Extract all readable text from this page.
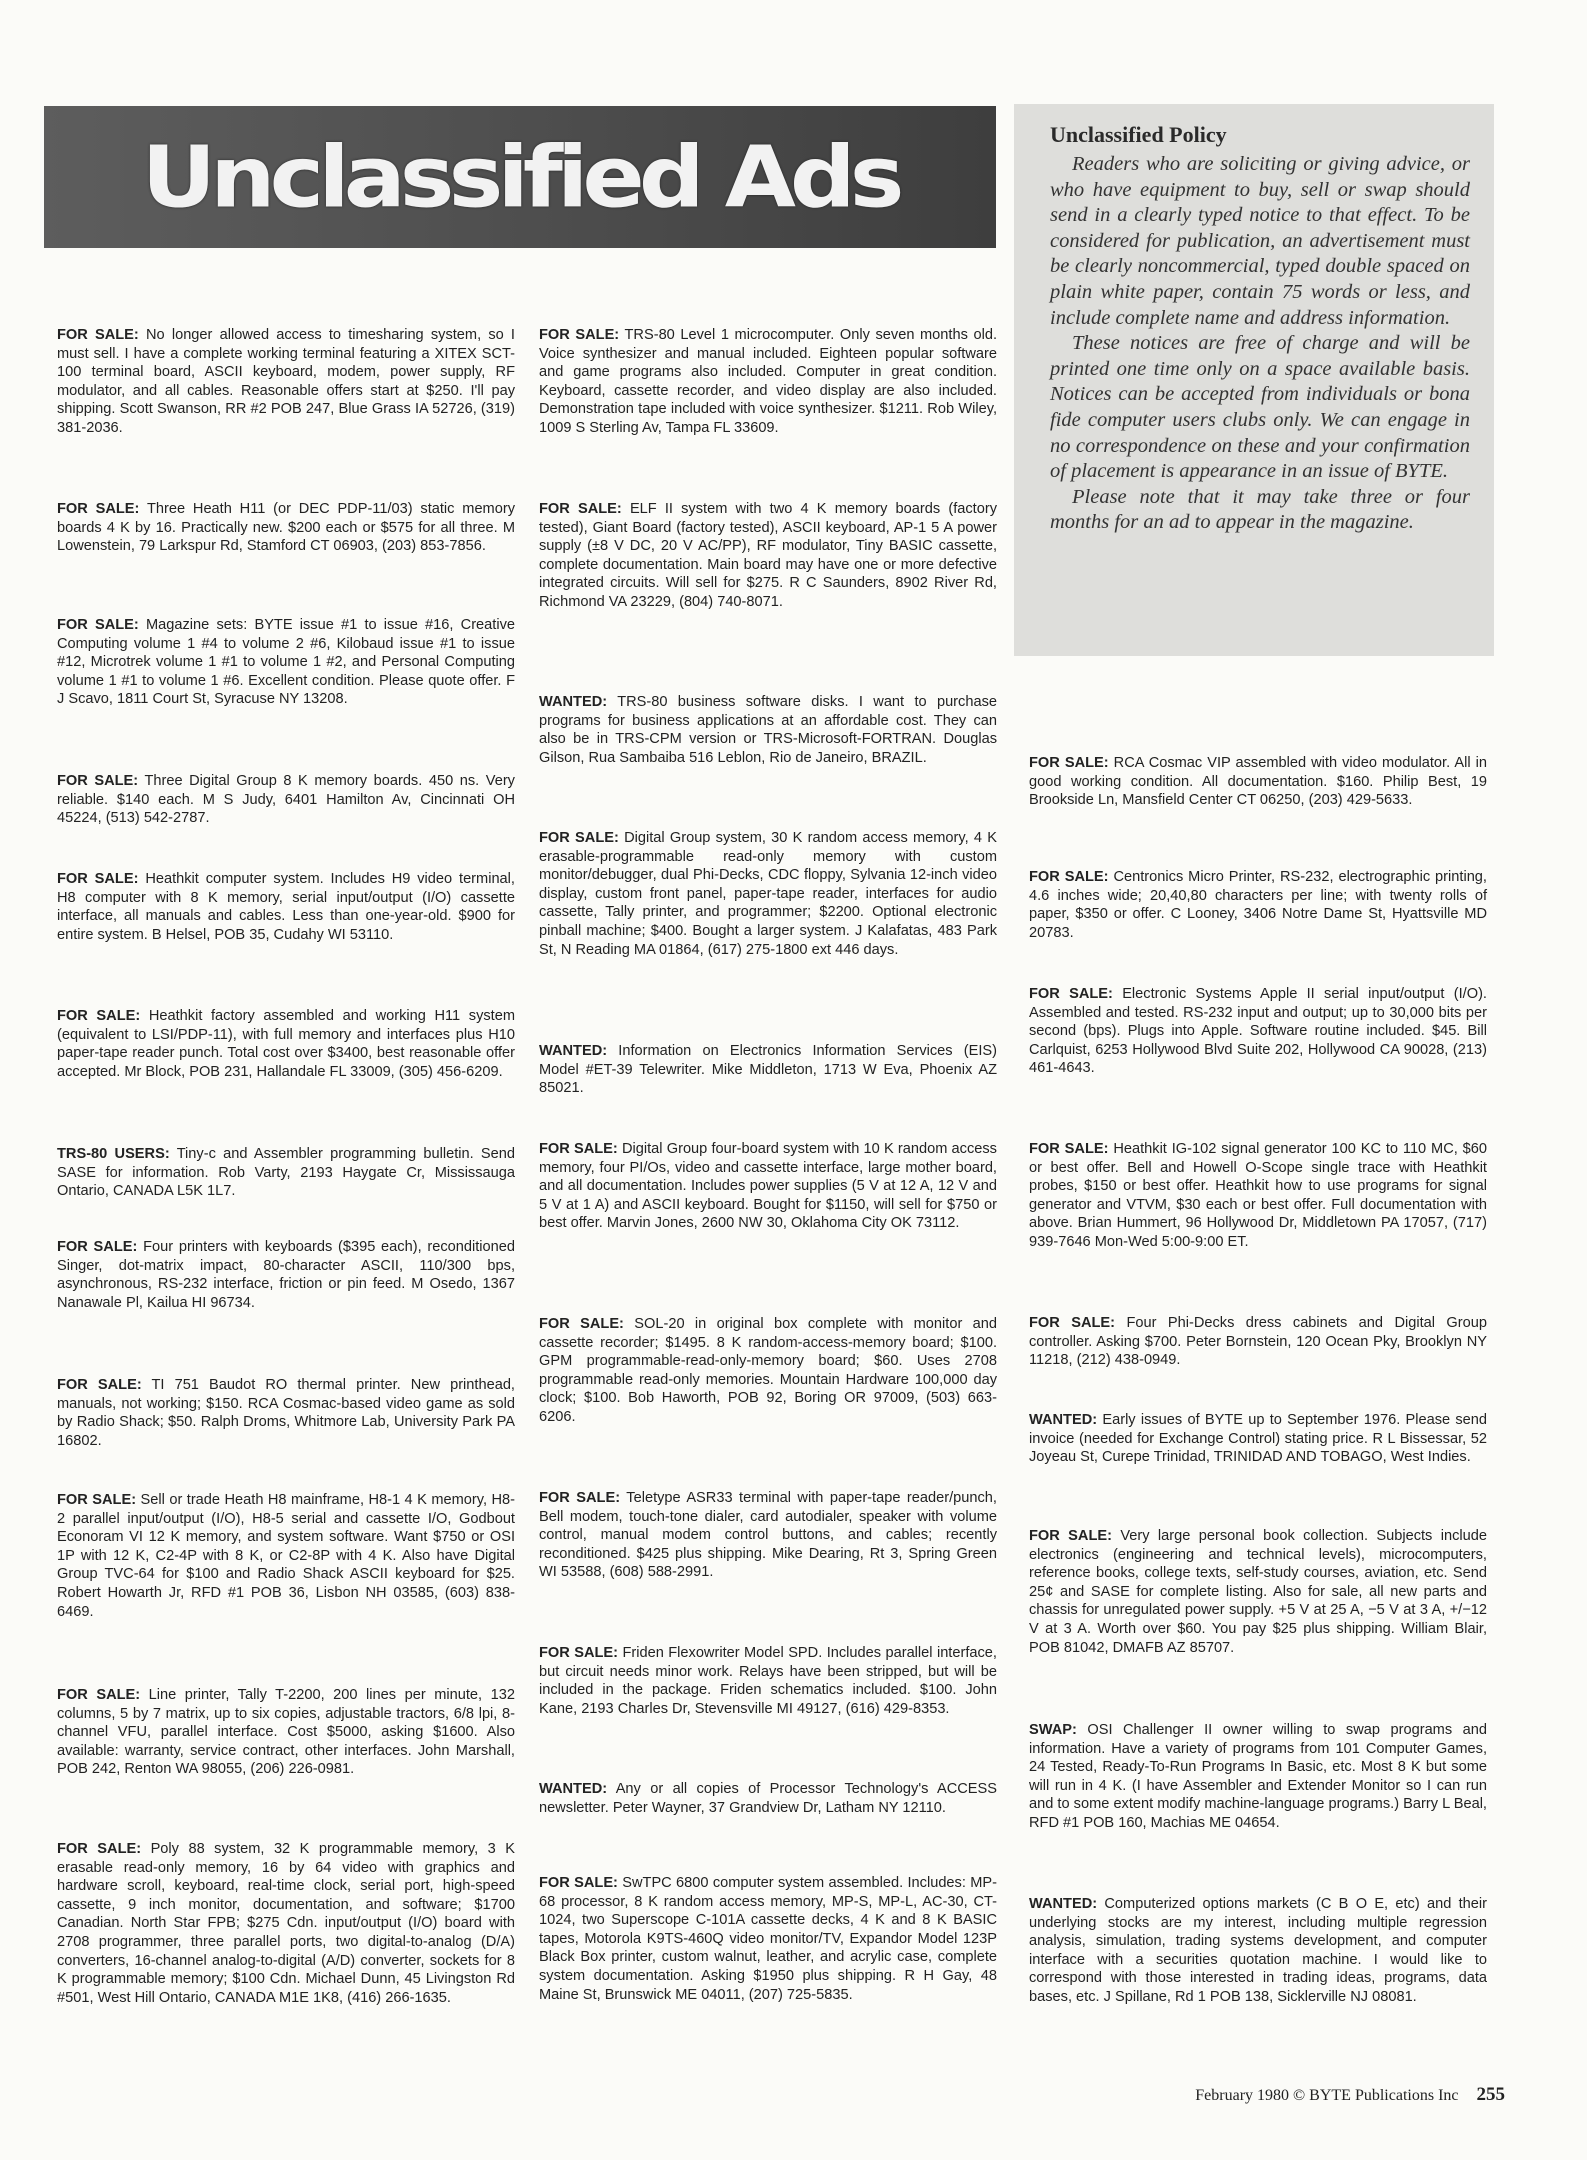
Unclassified Ads	Unclassified Policy

Readers who are soliciting or giving advice, or who have equipment to buy, sell or swap should send in a clearly typed notice to that effect. To be considered for publication, an advertisement must be clearly noncommercial, typed double spaced on plain white paper, contain 75 words or less, and include complete name and address information.

These notices are free of charge and will be printed one time only on a space available basis. Notices can be accepted from individuals or bona fide computer users clubs only. We can engage in no correspondence on these and your confirmation of placement is appearance in an issue of BYTE.

Please note that it may take three or four months for an ad to appear in the magazine.

FOR SALE: No longer allowed access to timesharing system, so I must sell. I have a complete working terminal featuring a XITEX SCT-100 terminal board, ASCII keyboard, modem, power supply, RF modulator, and all cables. Reasonable offers start at $250. I'll pay shipping. Scott Swanson, RR #2 POB 247, Blue Grass IA 52726, (319) 381-2036.
FOR SALE: Three Heath H11 (or DEC PDP-11/03) static memory boards 4 K by 16. Practically new. $200 each or $575 for all three. M Lowenstein, 79 Larkspur Rd, Stamford CT 06903, (203) 853-7856.
FOR SALE: Magazine sets: BYTE issue #1 to issue #16, Creative Computing volume 1 #4 to volume 2 #6, Kilobaud issue #1 to issue #12, Microtrek volume 1 #1 to volume 1 #2, and Personal Computing volume 1 #1 to volume 1 #6. Excellent condition. Please quote offer. F J Scavo, 1811 Court St, Syracuse NY 13208.
FOR SALE: Three Digital Group 8 K memory boards. 450 ns. Very reliable. $140 each. M S Judy, 6401 Hamilton Av, Cincinnati OH 45224, (513) 542-2787.
FOR SALE: Heathkit computer system. Includes H9 video terminal, H8 computer with 8 K memory, serial input/output (I/O) cassette interface, all manuals and cables. Less than one-year-old. $900 for entire system. B Helsel, POB 35, Cudahy WI 53110.
FOR SALE: Heathkit factory assembled and working H11 system (equivalent to LSI/PDP-11), with full memory and interfaces plus H10 paper-tape reader punch. Total cost over $3400, best reasonable offer accepted. Mr Block, POB 231, Hallandale FL 33009, (305) 456-6209.
TRS-80 USERS: Tiny-c and Assembler programming bulletin. Send SASE for information. Rob Varty, 2193 Haygate Cr, Mississauga Ontario, CANADA L5K 1L7.
FOR SALE: Four printers with keyboards ($395 each), reconditioned Singer, dot-matrix impact, 80-character ASCII, 110/300 bps, asynchronous, RS-232 interface, friction or pin feed. M Osedo, 1367 Nanawale Pl, Kailua HI 96734.
FOR SALE: TI 751 Baudot RO thermal printer. New printhead, manuals, not working; $150. RCA Cosmac-based video game as sold by Radio Shack; $50. Ralph Droms, Whitmore Lab, University Park PA 16802.
FOR SALE: Sell or trade Heath H8 mainframe, H8-1 4 K memory, H8-2 parallel input/output (I/O), H8-5 serial and cassette I/O, Godbout Econoram VI 12 K memory, and system software. Want $750 or OSI 1P with 12 K, C2-4P with 8 K, or C2-8P with 4 K. Also have Digital Group TVC-64 for $100 and Radio Shack ASCII keyboard for $25. Robert Howarth Jr, RFD #1 POB 36, Lisbon NH 03585, (603) 838-6469.
FOR SALE: Line printer, Tally T-2200, 200 lines per minute, 132 columns, 5 by 7 matrix, up to six copies, adjustable tractors, 6/8 lpi, 8-channel VFU, parallel interface. Cost $5000, asking $1600. Also available: warranty, service contract, other interfaces. John Marshall, POB 242, Renton WA 98055, (206) 226-0981.
FOR SALE: Poly 88 system, 32 K programmable memory, 3 K erasable read-only memory, 16 by 64 video with graphics and hardware scroll, keyboard, real-time clock, serial port, high-speed cassette, 9 inch monitor, documentation, and software; $1700 Canadian. North Star FPB; $275 Cdn. input/output (I/O) board with 2708 programmer, three parallel ports, two digital-to-analog (D/A) converters, 16-channel analog-to-digital (A/D) converter, sockets for 8 K programmable memory; $100 Cdn. Michael Dunn, 45 Livingston Rd #501, West Hill Ontario, CANADA M1E 1K8, (416) 266-1635.
FOR SALE: TRS-80 Level 1 microcomputer. Only seven months old. Voice synthesizer and manual included. Eighteen popular software and game programs also included. Computer in great condition. Keyboard, cassette recorder, and video display are also included. Demonstration tape included with voice synthesizer. $1211. Rob Wiley, 1009 S Sterling Av, Tampa FL 33609.
FOR SALE: ELF II system with two 4 K memory boards (factory tested), Giant Board (factory tested), ASCII keyboard, AP-1 5 A power supply (±8 V DC, 20 V AC/PP), RF modulator, Tiny BASIC cassette, complete documentation. Main board may have one or more defective integrated circuits. Will sell for $275. R C Saunders, 8902 River Rd, Richmond VA 23229, (804) 740-8071.
WANTED: TRS-80 business software disks. I want to purchase programs for business applications at an affordable cost. They can also be in TRS-CPM version or TRS-Microsoft-FORTRAN. Douglas Gilson, Rua Sambaiba 516 Leblon, Rio de Janeiro, BRAZIL.
FOR SALE: Digital Group system, 30 K random access memory, 4 K erasable-programmable read-only memory with custom monitor/debugger, dual Phi-Decks, CDC floppy, Sylvania 12-inch video display, custom front panel, paper-tape reader, interfaces for audio cassette, Tally printer, and programmer; $2200. Optional electronic pinball machine; $400. Bought a larger system. J Kalafatas, 483 Park St, N Reading MA 01864, (617) 275-1800 ext 446 days.
WANTED: Information on Electronics Information Services (EIS) Model #ET-39 Telewriter. Mike Middleton, 1713 W Eva, Phoenix AZ 85021.
FOR SALE: Digital Group four-board system with 10 K random access memory, four PI/Os, video and cassette interface, large mother board, and all documentation. Includes power supplies (5 V at 12 A, 12 V and 5 V at 1 A) and ASCII keyboard. Bought for $1150, will sell for $750 or best offer. Marvin Jones, 2600 NW 30, Oklahoma City OK 73112.
FOR SALE: SOL-20 in original box complete with monitor and cassette recorder; $1495. 8 K random-access-memory board; $100. GPM programmable-read-only-memory board; $60. Uses 2708 programmable read-only memories. Mountain Hardware 100,000 day clock; $100. Bob Haworth, POB 92, Boring OR 97009, (503) 663-6206.
FOR SALE: Teletype ASR33 terminal with paper-tape reader/punch, Bell modem, touch-tone dialer, card autodialer, speaker with volume control, manual modem control buttons, and cables; recently reconditioned. $425 plus shipping. Mike Dearing, Rt 3, Spring Green WI 53588, (608) 588-2991.
FOR SALE: Friden Flexowriter Model SPD. Includes parallel interface, but circuit needs minor work. Relays have been stripped, but will be included in the package. Friden schematics included. $100. John Kane, 2193 Charles Dr, Stevensville MI 49127, (616) 429-8353.
WANTED: Any or all copies of Processor Technology's ACCESS newsletter. Peter Wayner, 37 Grandview Dr, Latham NY 12110.
FOR SALE: SwTPC 6800 computer system assembled. Includes: MP-68 processor, 8 K random access memory, MP-S, MP-L, AC-30, CT-1024, two Superscope C-101A cassette decks, 4 K and 8 K BASIC tapes, Motorola K9TS-460Q video monitor/TV, Expandor Model 123P Black Box printer, custom walnut, leather, and acrylic case, complete system documentation. Asking $1950 plus shipping. R H Gay, 48 Maine St, Brunswick ME 04011, (207) 725-5835.
FOR SALE: RCA Cosmac VIP assembled with video modulator. All in good working condition. All documentation. $160. Philip Best, 19 Brookside Ln, Mansfield Center CT 06250, (203) 429-5633.
FOR SALE: Centronics Micro Printer, RS-232, electrographic printing, 4.6 inches wide; 20,40,80 characters per line; with twenty rolls of paper, $350 or offer. C Looney, 3406 Notre Dame St, Hyattsville MD 20783.
FOR SALE: Electronic Systems Apple II serial input/output (I/O). Assembled and tested. RS-232 input and output; up to 30,000 bits per second (bps). Plugs into Apple. Software routine included. $45. Bill Carlquist, 6253 Hollywood Blvd Suite 202, Hollywood CA 90028, (213) 461-4643.
FOR SALE: Heathkit IG-102 signal generator 100 KC to 110 MC, $60 or best offer. Bell and Howell O-Scope single trace with Heathkit probes, $150 or best offer. Heathkit how to use programs for signal generator and VTVM, $30 each or best offer. Full documentation with above. Brian Hummert, 96 Hollywood Dr, Middletown PA 17057, (717) 939-7646 Mon-Wed 5:00-9:00 ET.
FOR SALE: Four Phi-Decks dress cabinets and Digital Group controller. Asking $700. Peter Bornstein, 120 Ocean Pky, Brooklyn NY 11218, (212) 438-0949.
WANTED: Early issues of BYTE up to September 1976. Please send invoice (needed for Exchange Control) stating price. R L Bissessar, 52 Joyeau St, Curepe Trinidad, TRINIDAD AND TOBAGO, West Indies.
FOR SALE: Very large personal book collection. Subjects include electronics (engineering and technical levels), microcomputers, reference books, college texts, self-study courses, aviation, etc. Send 25¢ and SASE for complete listing. Also for sale, all new parts and chassis for unregulated power supply. +5 V at 25 A, −5 V at 3 A, +/−12 V at 3 A. Worth over $60. You pay $25 plus shipping. William Blair, POB 81042, DMAFB AZ 85707.
SWAP: OSI Challenger II owner willing to swap programs and information. Have a variety of programs from 101 Computer Games, 24 Tested, Ready-To-Run Programs In Basic, etc. Most 8 K but some will run in 4 K. (I have Assembler and Extender Monitor so I can run and to some extent modify machine-language programs.) Barry L Beal, RFD #1 POB 160, Machias ME 04654.
WANTED: Computerized options markets (C B O E, etc) and their underlying stocks are my interest, including multiple regression analysis, simulation, trading systems development, and computer interface with a securities quotation machine. I would like to correspond with those interested in trading ideas, programs, data bases, etc. J Spillane, Rd 1 POB 138, Sicklerville NJ 08081.
February 1980 © BYTE Publications Inc 255
